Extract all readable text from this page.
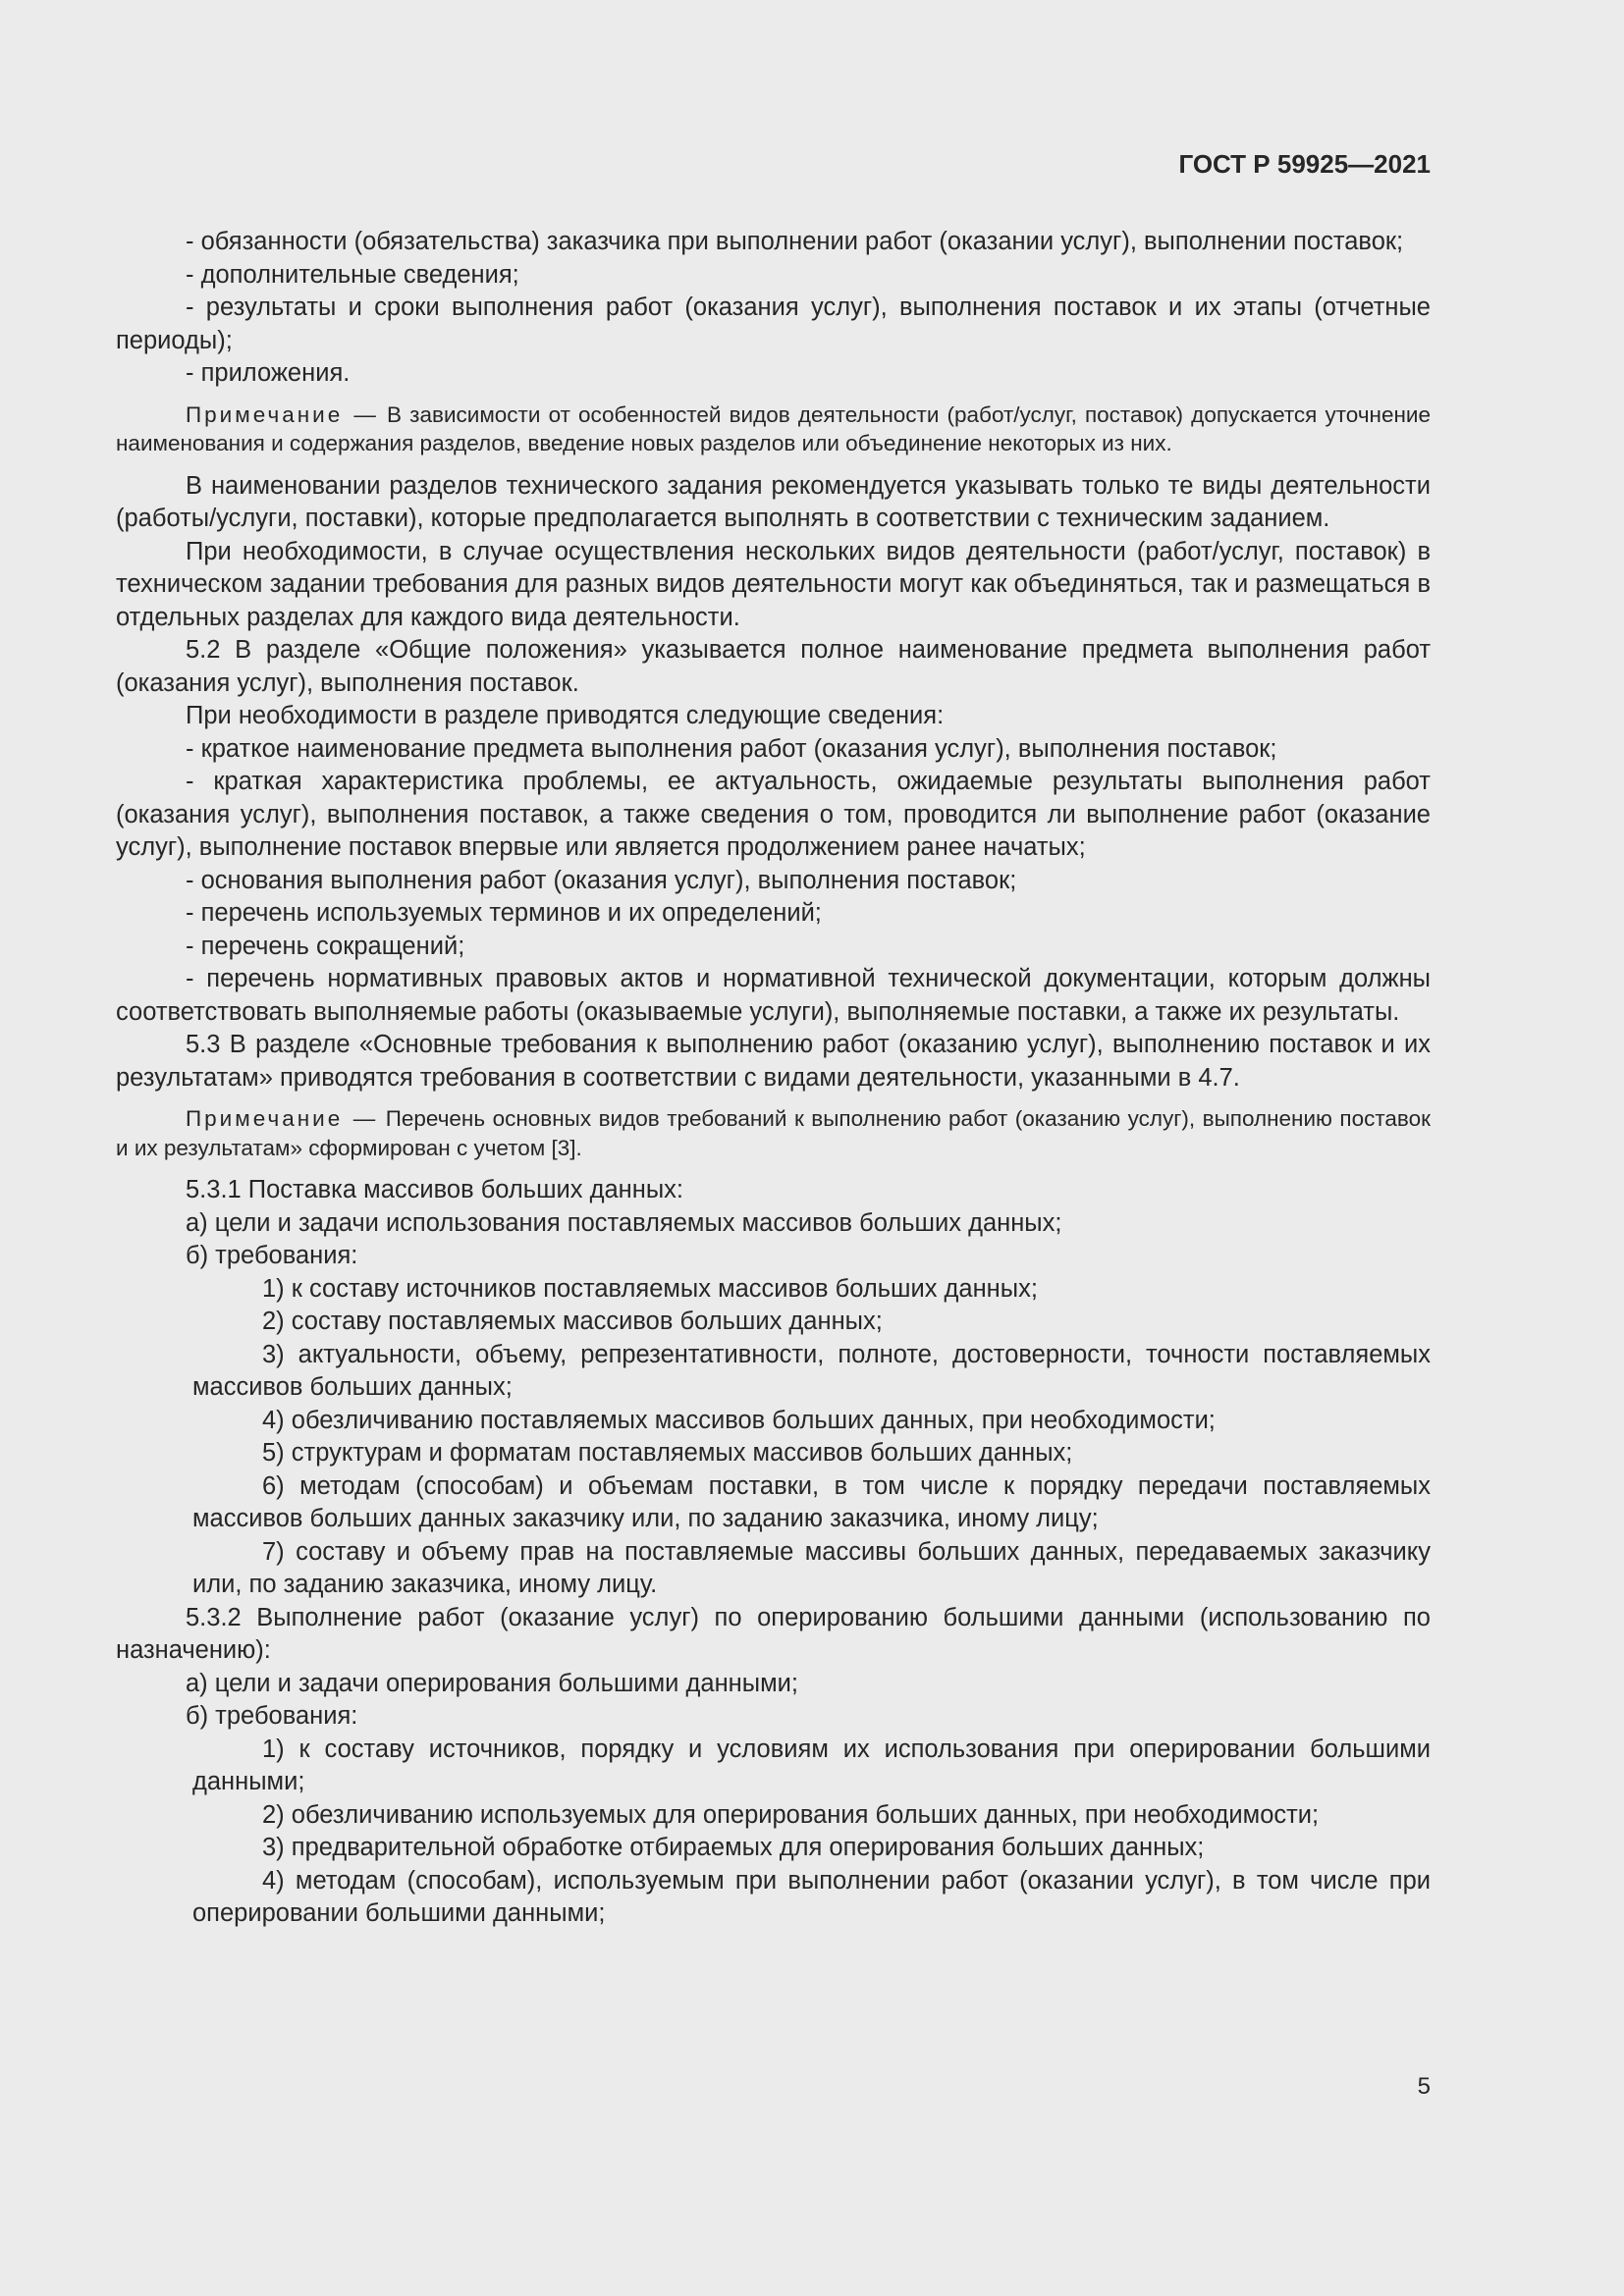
ГОСТ Р 59925—2021

- обязанности (обязательства) заказчика при выполнении работ (оказании услуг), выполнении поставок;

- дополнительные сведения;

- результаты и сроки выполнения работ (оказания услуг), выполнения поставок и их этапы (отчетные периоды);

- приложения.

Примечание — В зависимости от особенностей видов деятельности (работ/услуг, поставок) допускается уточнение наименования и содержания разделов, введение новых разделов или объединение некоторых из них.

В наименовании разделов технического задания рекомендуется указывать только те виды деятельности (работы/услуги, поставки), которые предполагается выполнять в соответствии с техническим заданием.

При необходимости, в случае осуществления нескольких видов деятельности (работ/услуг, поставок) в техническом задании требования для разных видов деятельности могут как объединяться, так и размещаться в отдельных разделах для каждого вида деятельности.

5.2 В разделе «Общие положения» указывается полное наименование предмета выполнения работ (оказания услуг), выполнения поставок.

При необходимости в разделе приводятся следующие сведения:

- краткое наименование предмета выполнения работ (оказания услуг), выполнения поставок;

- краткая характеристика проблемы, ее актуальность, ожидаемые результаты выполнения работ (оказания услуг), выполнения поставок, а также сведения о том, проводится ли выполнение работ (оказание услуг), выполнение поставок впервые или является продолжением ранее начатых;

- основания выполнения работ (оказания услуг), выполнения поставок;

- перечень используемых терминов и их определений;

- перечень сокращений;

- перечень нормативных правовых актов и нормативной технической документации, которым должны соответствовать выполняемые работы (оказываемые услуги), выполняемые поставки, а также их результаты.

5.3 В разделе «Основные требования к выполнению работ (оказанию услуг), выполнению поставок и их результатам» приводятся требования в соответствии с видами деятельности, указанными в 4.7.

Примечание — Перечень основных видов требований к выполнению работ (оказанию услуг), выполнению поставок и их результатам» сформирован с учетом [3].

5.3.1 Поставка массивов больших данных:

а) цели и задачи использования поставляемых массивов больших данных;

б) требования:

1) к составу источников поставляемых массивов больших данных;

2) составу поставляемых массивов больших данных;

3) актуальности, объему, репрезентативности, полноте, достоверности, точности поставляемых массивов больших данных;

4) обезличиванию поставляемых массивов больших данных, при необходимости;

5) структурам и форматам поставляемых массивов больших данных;

6) методам (способам) и объемам поставки, в том числе к порядку передачи поставляемых массивов больших данных заказчику или, по заданию заказчика, иному лицу;

7) составу и объему прав на поставляемые массивы больших данных, передаваемых заказчику или, по заданию заказчика, иному лицу.

5.3.2 Выполнение работ (оказание услуг) по оперированию большими данными (использованию по назначению):

а) цели и задачи оперирования большими данными;

б) требования:

1) к составу источников, порядку и условиям их использования при оперировании большими данными;

2) обезличиванию используемых для оперирования больших данных, при необходимости;

3) предварительной обработке отбираемых для оперирования больших данных;

4) методам (способам), используемым при выполнении работ (оказании услуг), в том числе при оперировании большими данными;

5
